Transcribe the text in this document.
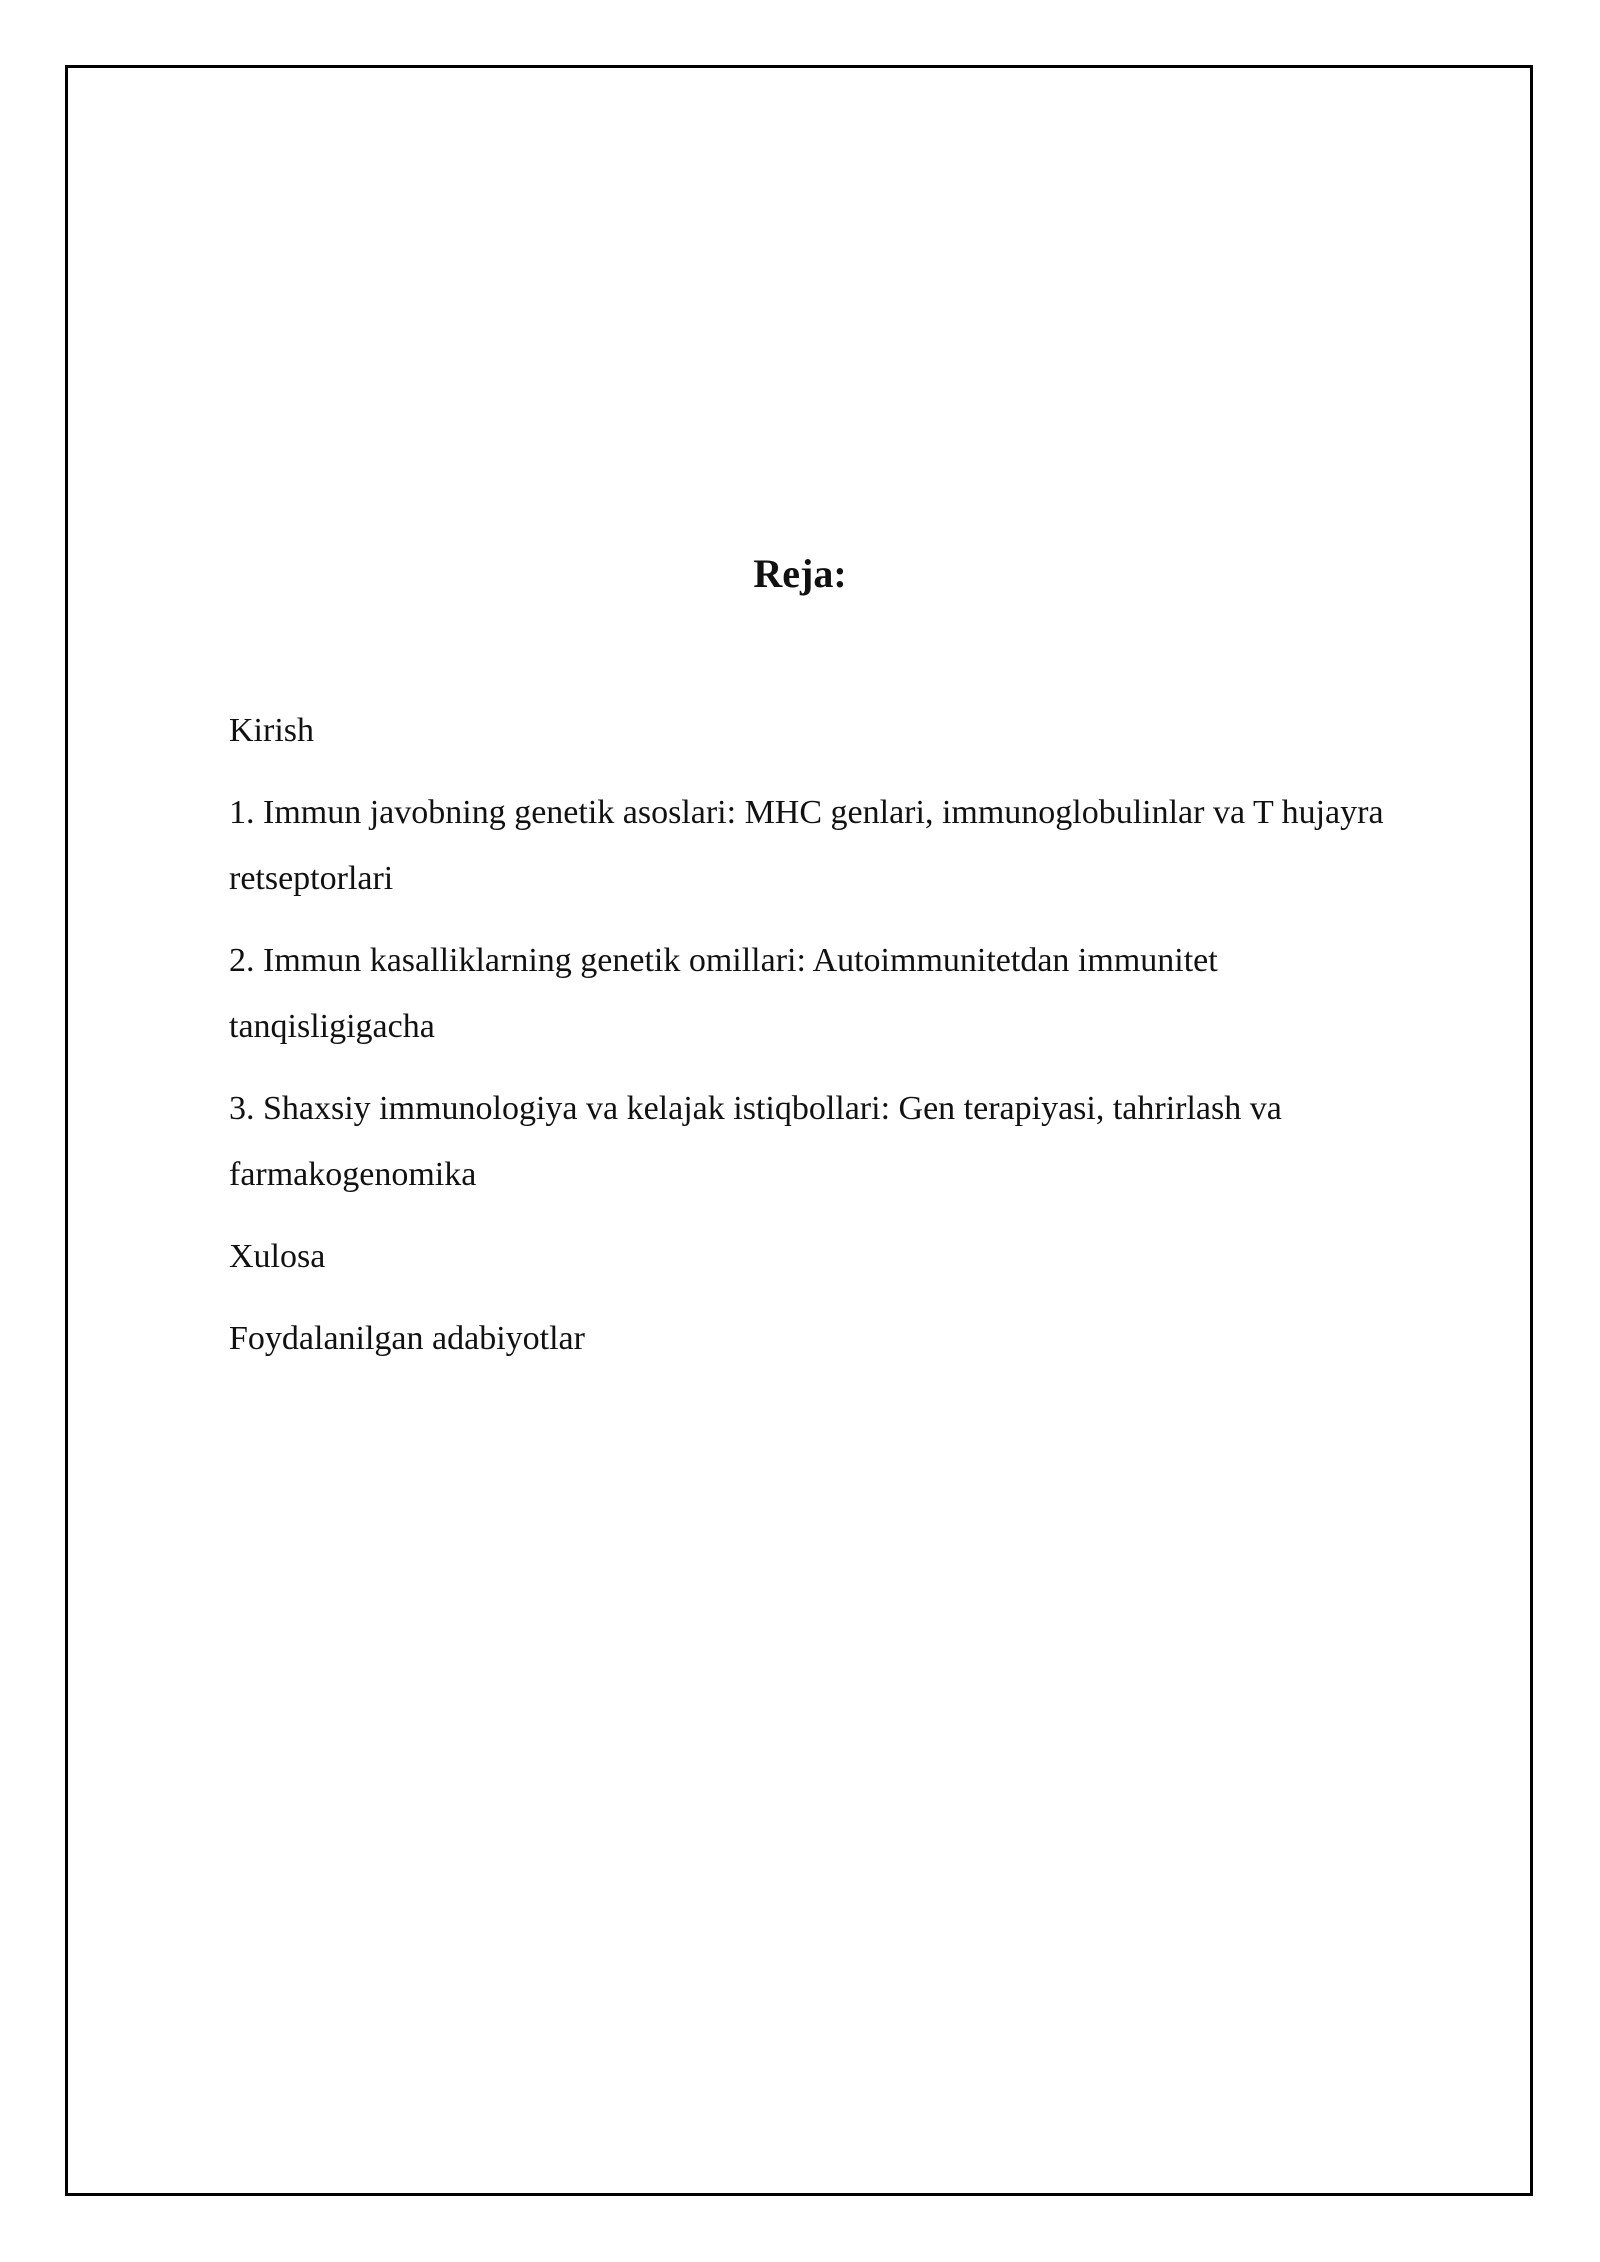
Reja:
Kirish
1. Immun javobning genetik asoslari: MHC genlari, immunoglobulinlar va T hujayra retseptorlari
2. Immun kasalliklarning genetik omillari: Autoimmunitetdan immunitet tanqisligigacha
3. Shaxsiy immunologiya va kelajak istiqbollari: Gen terapiyasi, tahrirlash va farmakogenomika
Xulosa
Foydalanilgan adabiyotlar
